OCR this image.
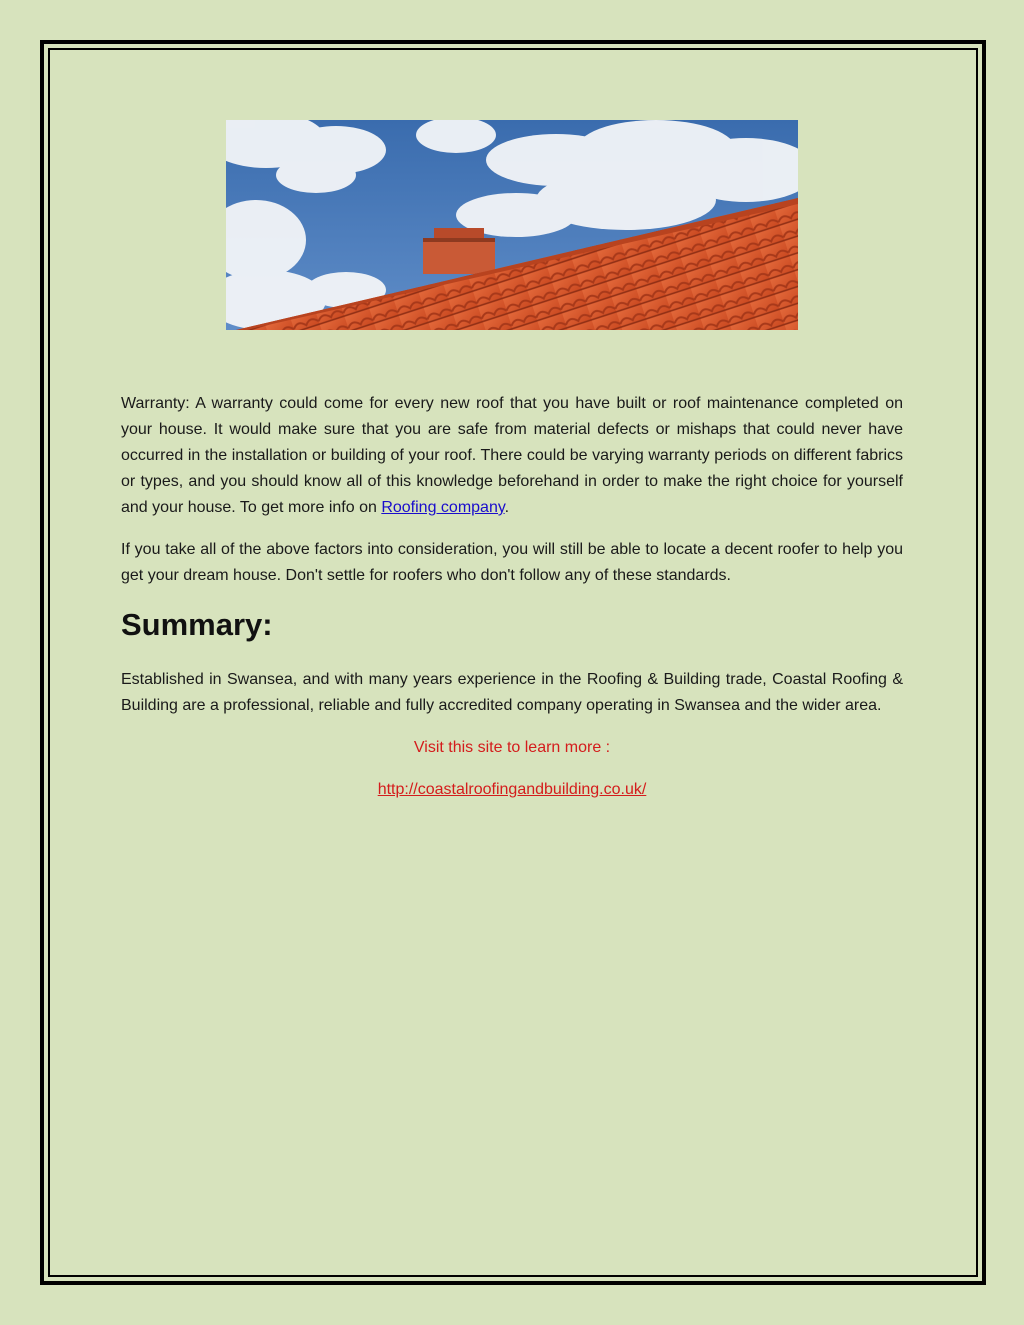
Warranty: A warranty could come for every new roof that you have built or roof maintenance completed on your house. It would make sure that you are safe from material defects or mishaps that could never have occurred in the installation or building of your roof. There could be varying warranty periods on different fabrics or types, and you should know all of this knowledge beforehand in order to make the right choice for yourself and your house. To get more info on Roofing company.

If you take all of the above factors into consideration, you will still be able to locate a decent roofer to help you get your dream house. Don't settle for roofers who don't follow any of these standards.

Summary:

Established in Swansea, and with many years experience in the Roofing & Building trade, Coastal Roofing & Building are a professional, reliable and fully accredited company operating in Swansea and the wider area.

Visit this site to learn more :

http://coastalroofingandbuilding.co.uk/
